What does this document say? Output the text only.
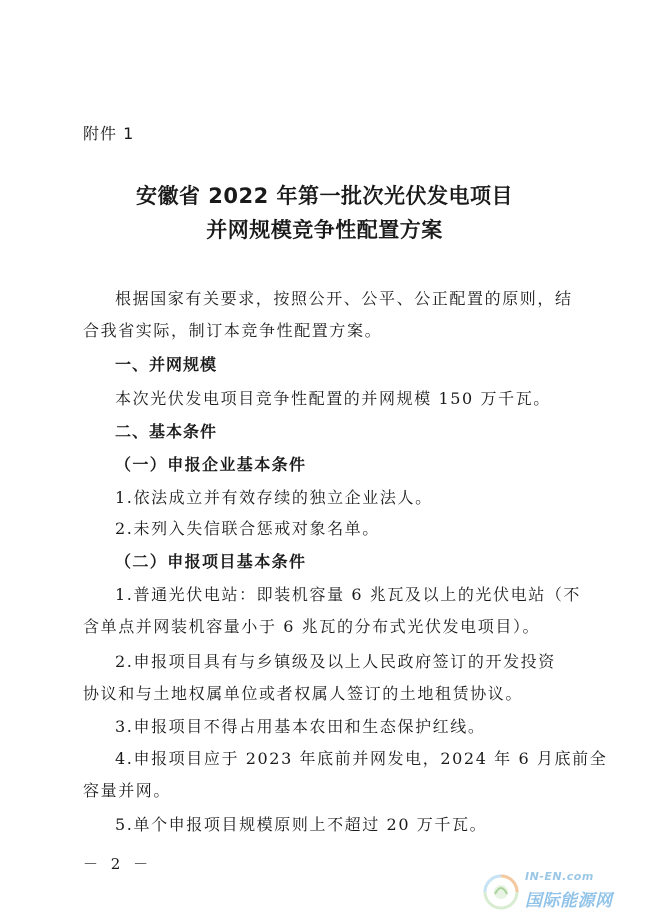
附件 1
安徽省 2022 年第一批次光伏发电项目
并网规模竞争性配置方案
根据国家有关要求，按照公开、公平、公正配置的原则，结
合我省实际，制订本竞争性配置方案。
一、并网规模
本次光伏发电项目竞争性配置的并网规模 150 万千瓦。
二、基本条件
（一）申报企业基本条件
1.依法成立并有效存续的独立企业法人。
2.未列入失信联合惩戒对象名单。
（二）申报项目基本条件
1.普通光伏电站：即装机容量 6 兆瓦及以上的光伏电站（不
含单点并网装机容量小于 6 兆瓦的分布式光伏发电项目）。
2.申报项目具有与乡镇级及以上人民政府签订的开发投资
协议和与土地权属单位或者权属人签订的土地租赁协议。
3.申报项目不得占用基本农田和生态保护红线。
4.申报项目应于 2023 年底前并网发电，2024 年 6 月底前全
容量并网。
5.单个申报项目规模原则上不超过 20 万千瓦。
－ 2 －
IN-EN.com
国际能源网
